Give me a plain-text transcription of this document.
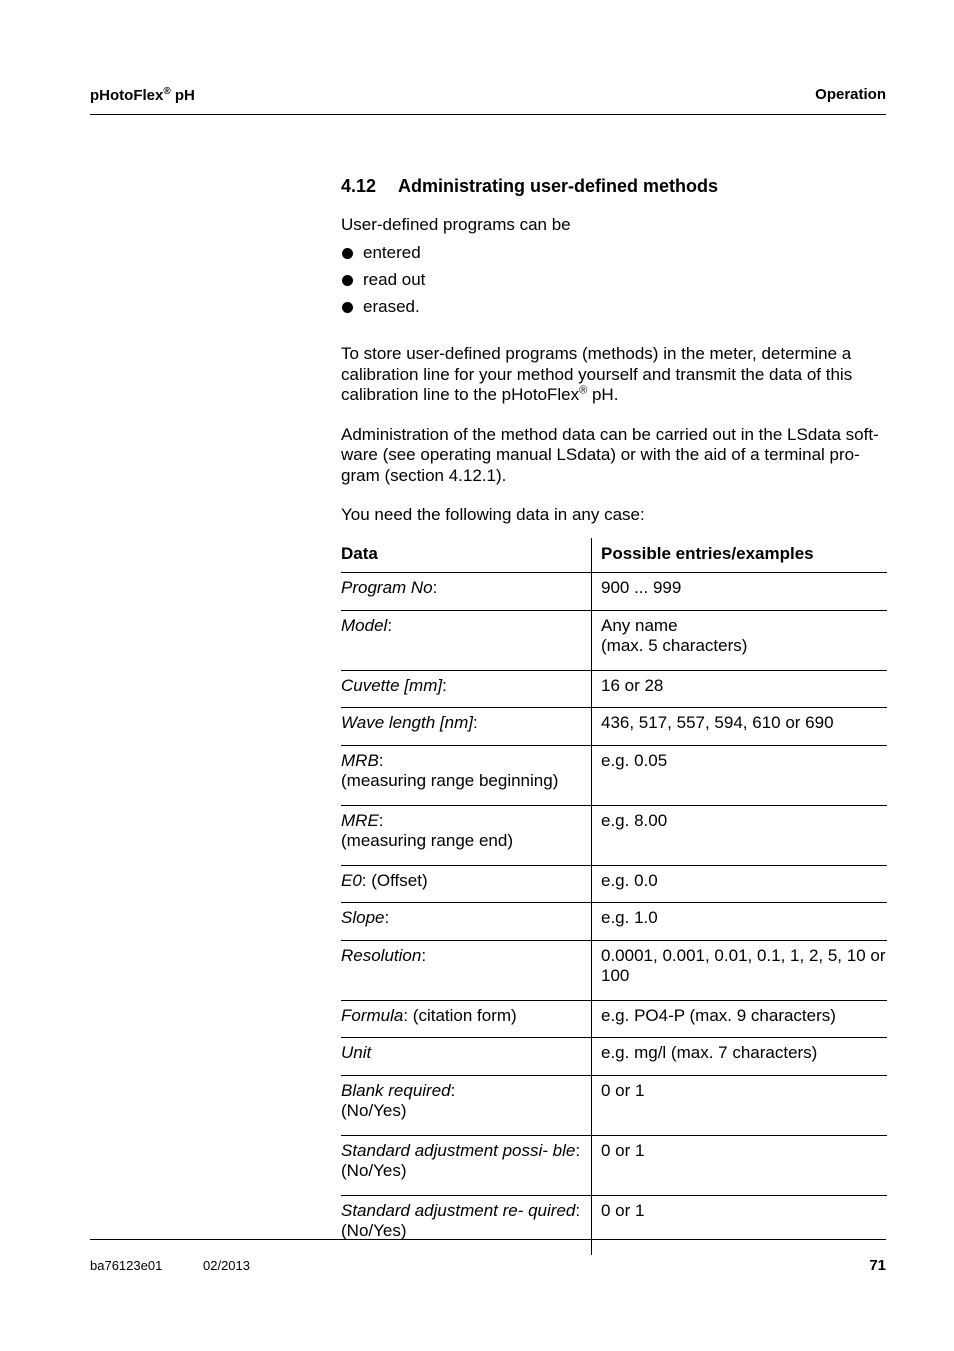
pHotoFlex® pH	Operation
4.12 Administrating user-defined methods

User-defined programs can be

entered
read out
erased.

To store user-defined programs (methods) in the meter, determine a calibration line for your method yourself and transmit the data of this calibration line to the pHotoFlex® pH.

Administration of the method data can be carried out in the LSdata soft- ware (see operating manual LSdata) or with the aid of a terminal pro- gram (section 4.12.1).

You need the following data in any case:

Data	Possible entries/examples
Program No:	900 ... 999
Model:	Any name
(max. 5 characters)

Cuvette [mm]:	16 or 28
Wave length [nm]:	436, 517, 557, 594, 610 or 690
MRB:
(measuring range beginning)	e.g. 0.05
MRE:
(measuring range end)	e.g. 8.00
E0: (Offset)	e.g. 0.0
Slope:	e.g. 1.0
Resolution:	0.0001, 0.001, 0.01, 0.1, 1, 2, 5, 10 or 100
Formula: (citation form)	e.g. PO4-P (max. 9 characters)
Unit	e.g. mg/l (max. 7 characters)
Blank required:
(No/Yes)	0 or 1
Standard adjustment possi- ble: (No/Yes)	0 or 1
Standard adjustment re- quired: (No/Yes)	0 or 1
ba76123e01	02/2013	71
